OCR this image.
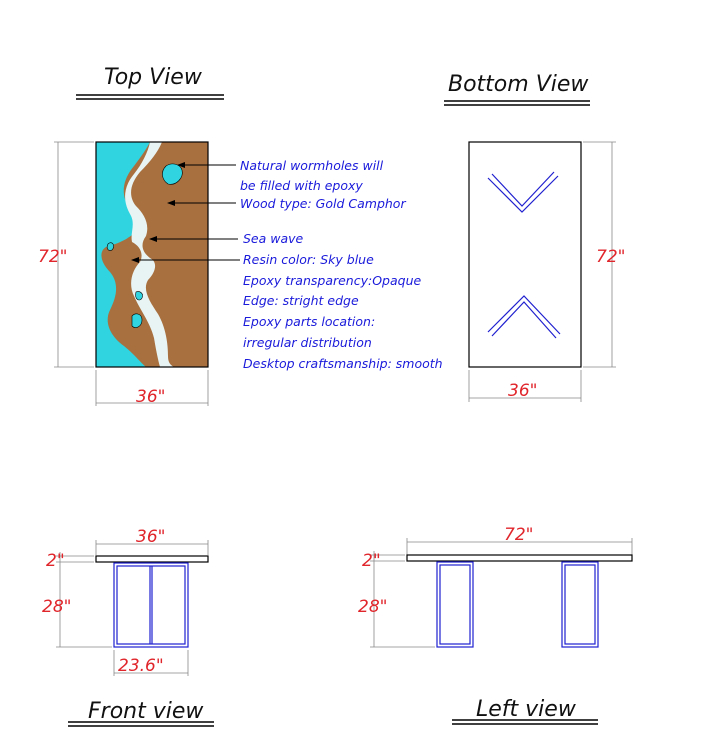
Top View
72"
36"
Natural wormholes will
be filled with epoxy
Wood type: Gold Camphor
Sea wave
Resin color: Sky blue
Epoxy transparency:Opaque
Edge: stright edge
Epoxy parts location:
irregular distribution
Desktop craftsmanship: smooth
Bottom View
72"
36"
36"
2"
28"
23.6"
Front view
72"
2"
28"
Left view
